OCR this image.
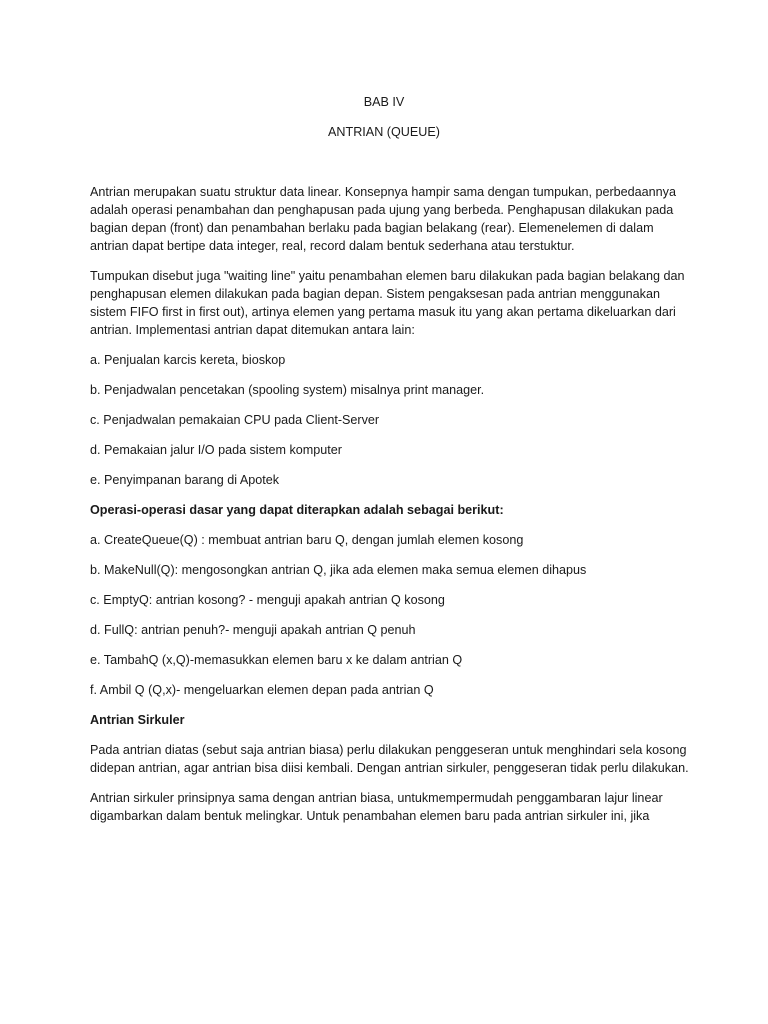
BAB IV
ANTRIAN (QUEUE)

Antrian merupakan suatu struktur data linear. Konsepnya hampir sama dengan tumpukan, perbedaannya adalah operasi penambahan dan penghapusan pada ujung yang berbeda. Penghapusan dilakukan pada bagian depan (front) dan penambahan berlaku pada bagian belakang (rear). Elemenelemen di dalam antrian dapat bertipe data integer, real, record dalam bentuk sederhana atau terstuktur.

Tumpukan disebut juga "waiting line" yaitu penambahan elemen baru dilakukan pada bagian belakang dan penghapusan elemen dilakukan pada bagian depan. Sistem pengaksesan pada antrian menggunakan sistem FIFO first in first out), artinya elemen yang pertama masuk itu yang akan pertama dikeluarkan dari antrian. Implementasi antrian dapat ditemukan antara lain:

a. Penjualan karcis kereta, bioskop

b. Penjadwalan pencetakan (spooling system) misalnya print manager.

c. Penjadwalan pemakaian CPU pada Client-Server

d. Pemakaian jalur I/O pada sistem komputer

e. Penyimpanan barang di Apotek

Operasi-operasi dasar yang dapat diterapkan adalah sebagai berikut:

a. CreateQueue(Q) : membuat antrian baru Q, dengan jumlah elemen kosong

b. MakeNull(Q): mengosongkan antrian Q, jika ada elemen maka semua elemen dihapus

c. EmptyQ: antrian kosong? - menguji apakah antrian Q kosong

d. FullQ: antrian penuh?- menguji apakah antrian Q penuh

e. TambahQ (x,Q)-memasukkan elemen baru x ke dalam antrian Q

f. Ambil Q (Q,x)- mengeluarkan elemen depan pada antrian Q

Antrian Sirkuler

Pada antrian diatas (sebut saja antrian biasa) perlu dilakukan penggeseran untuk menghindari sela kosong didepan antrian, agar antrian bisa diisi kembali. Dengan antrian sirkuler, penggeseran tidak perlu dilakukan.

Antrian sirkuler prinsipnya sama dengan antrian biasa, untukmempermudah penggambaran lajur linear digambarkan dalam bentuk melingkar. Untuk penambahan elemen baru pada antrian sirkuler ini, jika
